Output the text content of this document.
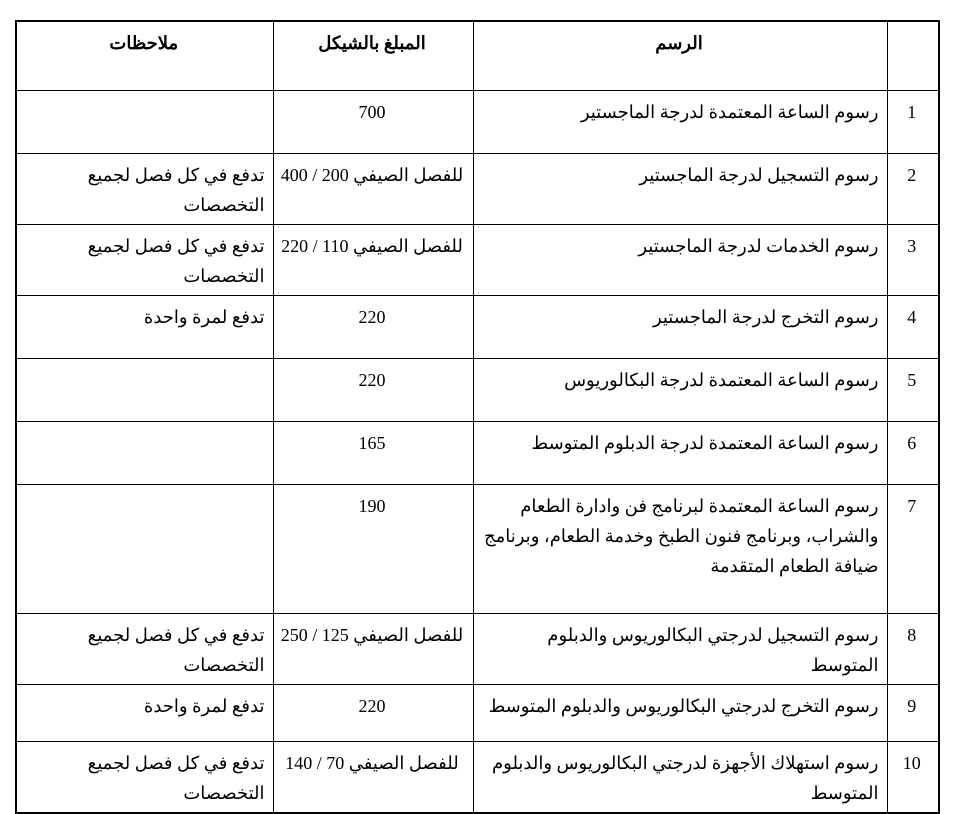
	الرسم	المبلغ بالشيكل	ملاحظات
1	رسوم الساعة المعتمدة لدرجة الماجستير	700	
2	رسوم التسجيل لدرجة الماجستير	400 / 200 للفصل الصيفي	تدفع في كل فصل لجميع التخصصات
3	رسوم الخدمات لدرجة الماجستير	220 / 110 للفصل الصيفي	تدفع في كل فصل لجميع التخصصات
4	رسوم التخرج لدرجة الماجستير	220	تدفع لمرة واحدة
5	رسوم الساعة المعتمدة لدرجة البكالوريوس	220	
6	رسوم الساعة المعتمدة لدرجة الدبلوم المتوسط	165	
7	رسوم الساعة المعتمدة لبرنامج فن وادارة الطعام والشراب، وبرنامج فنون الطبخ وخدمة الطعام، وبرنامج ضيافة الطعام المتقدمة	190	
8	رسوم التسجيل لدرجتي البكالوريوس والدبلوم المتوسط	250 / 125 للفصل الصيفي	تدفع في كل فصل لجميع التخصصات
9	رسوم التخرج لدرجتي البكالوريوس والدبلوم المتوسط	220	تدفع لمرة واحدة
10	رسوم استهلاك الأجهزة لدرجتي البكالوريوس والدبلوم المتوسط	140 / 70 للفصل الصيفي	تدفع في كل فصل لجميع التخصصات
